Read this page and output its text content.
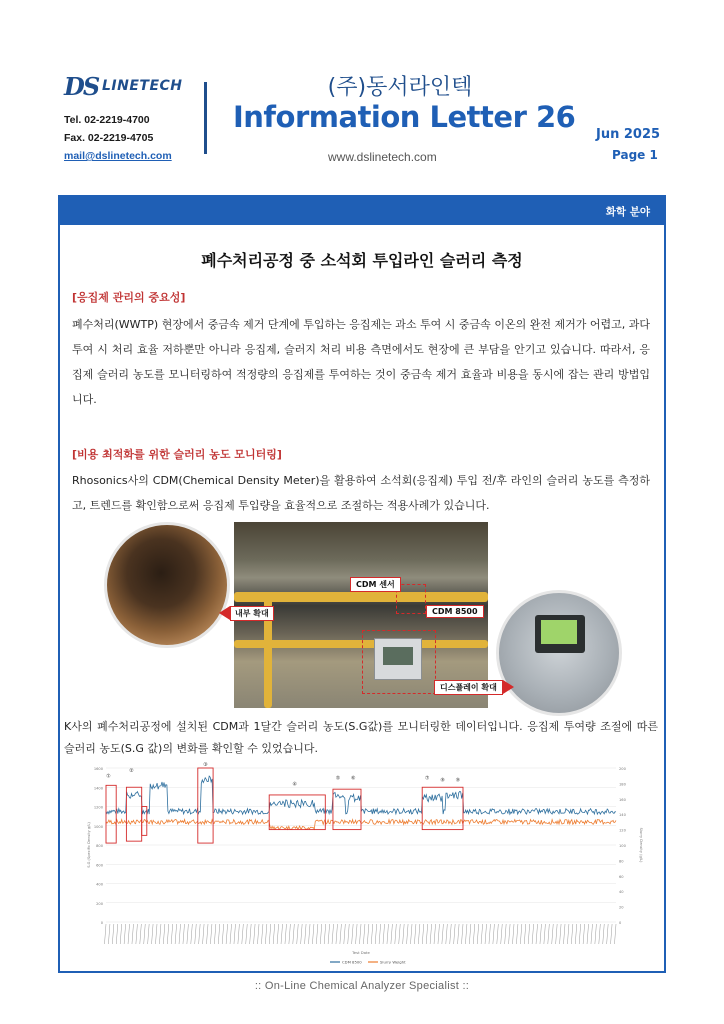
DS LINETECH
Tel. 02-2219-4700
Fax. 02-2219-4705
mail@dslinetech.com
(주)동서라인텍
Information Letter 26
www.dslinetech.com
Jun 2025
Page 1
화학 분야
폐수처리공정 중 소석회 투입라인 슬러리 측정
[응집제 관리의 중요성]
폐수처리(WWTP) 현장에서 중금속 제거 단계에 투입하는 응집제는 과소 투여 시 중금속 이온의 완전 제거가 어렵고, 과다 투여 시 처리 효율 저하뿐만 아니라 응집제, 슬러지 처리 비용 측면에서도 현장에 큰 부담을 안기고 있습니다. 따라서, 응집제 슬러리 농도를 모니터링하여 적정량의 응집제를 투여하는 것이 중금속 제거 효율과 비용을 동시에 잡는 관리 방법입니다.
[비용 최적화를 위한 슬러리 농도 모니터링]
Rhosonics사의 CDM(Chemical Density Meter)을 활용하여 소석회(응집제) 투입 전/후 라인의 슬러리 농도를 측정하고, 트렌드를 확인함으로써 응집제 투입량을 효율적으로 조절하는 적용사례가 있습니다.
CDM 센서
CDM 8500
내부 확대
디스플레이 확대
K사의 폐수처리공정에 설치된 CDM과 1달간 슬러리 농도(S.G값)를 모니터링한 데이터입니다. 응집제 투여량 조절에 따른 슬러리 농도(S.G 값)의 변화를 확인할 수 있었습니다.
0
200
400
600
800
1000
1200
1400
1600
0
20
40
60
80
100
120
140
160
180
200
S.G (Specific Density g/L)	Slurry Density (g/L)
Test Date
①
②
③
④
⑤ ⑥	⑦ ⑧ ⑨
CDM 8500	Slurry Weight
:: On-Line Chemical Analyzer Specialist ::
